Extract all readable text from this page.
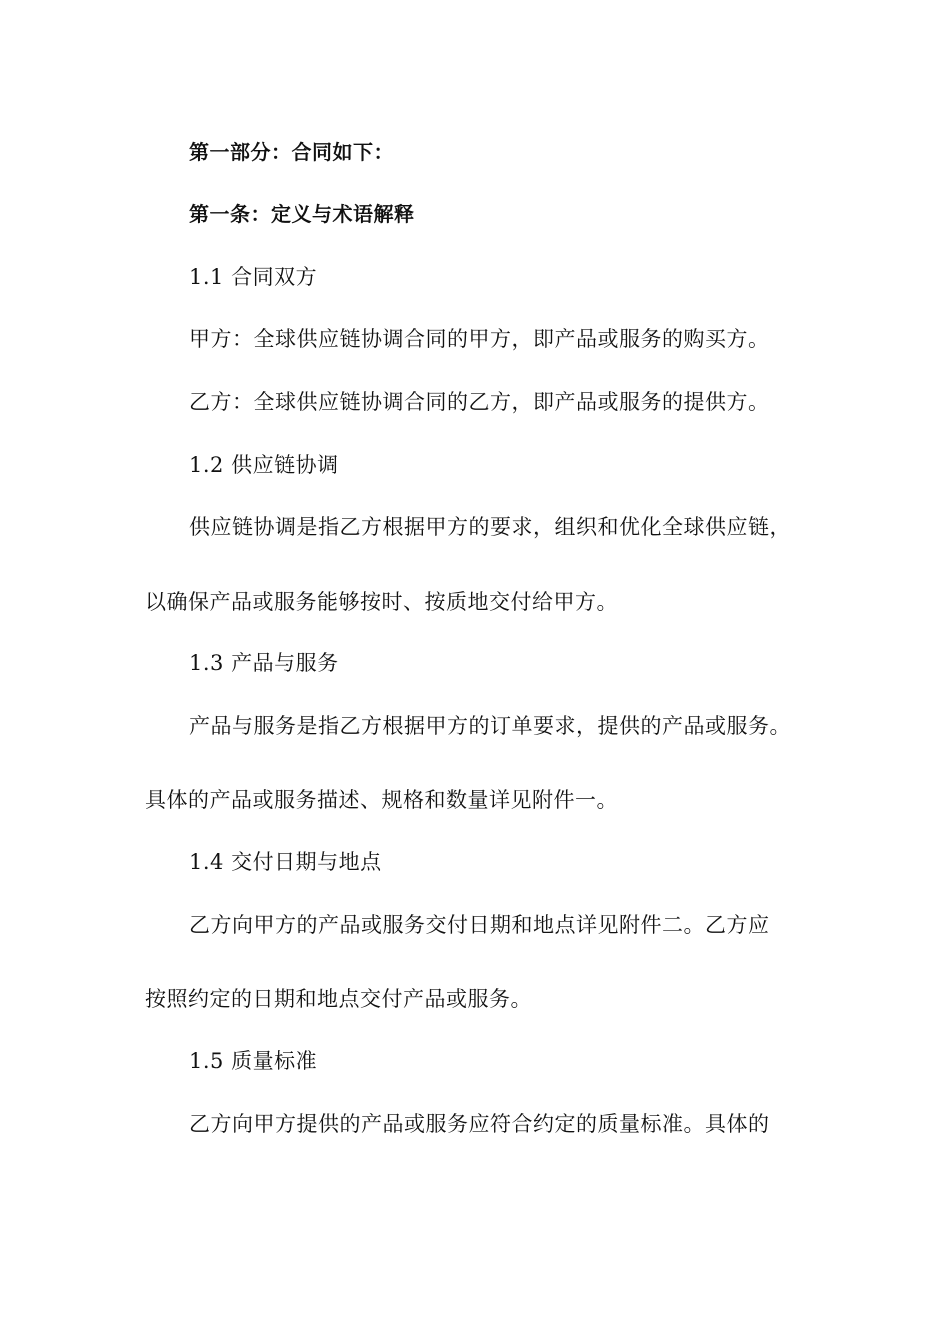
第一部分：合同如下：
第一条：定义与术语解释
1.1 合同双方
甲方：全球供应链协调合同的甲方，即产品或服务的购买方。
乙方：全球供应链协调合同的乙方，即产品或服务的提供方。
1.2 供应链协调
供应链协调是指乙方根据甲方的要求，组织和优化全球供应链，
以确保产品或服务能够按时、按质地交付给甲方。
1.3 产品与服务
产品与服务是指乙方根据甲方的订单要求，提供的产品或服务。
具体的产品或服务描述、规格和数量详见附件一。
1.4 交付日期与地点
乙方向甲方的产品或服务交付日期和地点详见附件二。乙方应
按照约定的日期和地点交付产品或服务。
1.5 质量标准
乙方向甲方提供的产品或服务应符合约定的质量标准。具体的
